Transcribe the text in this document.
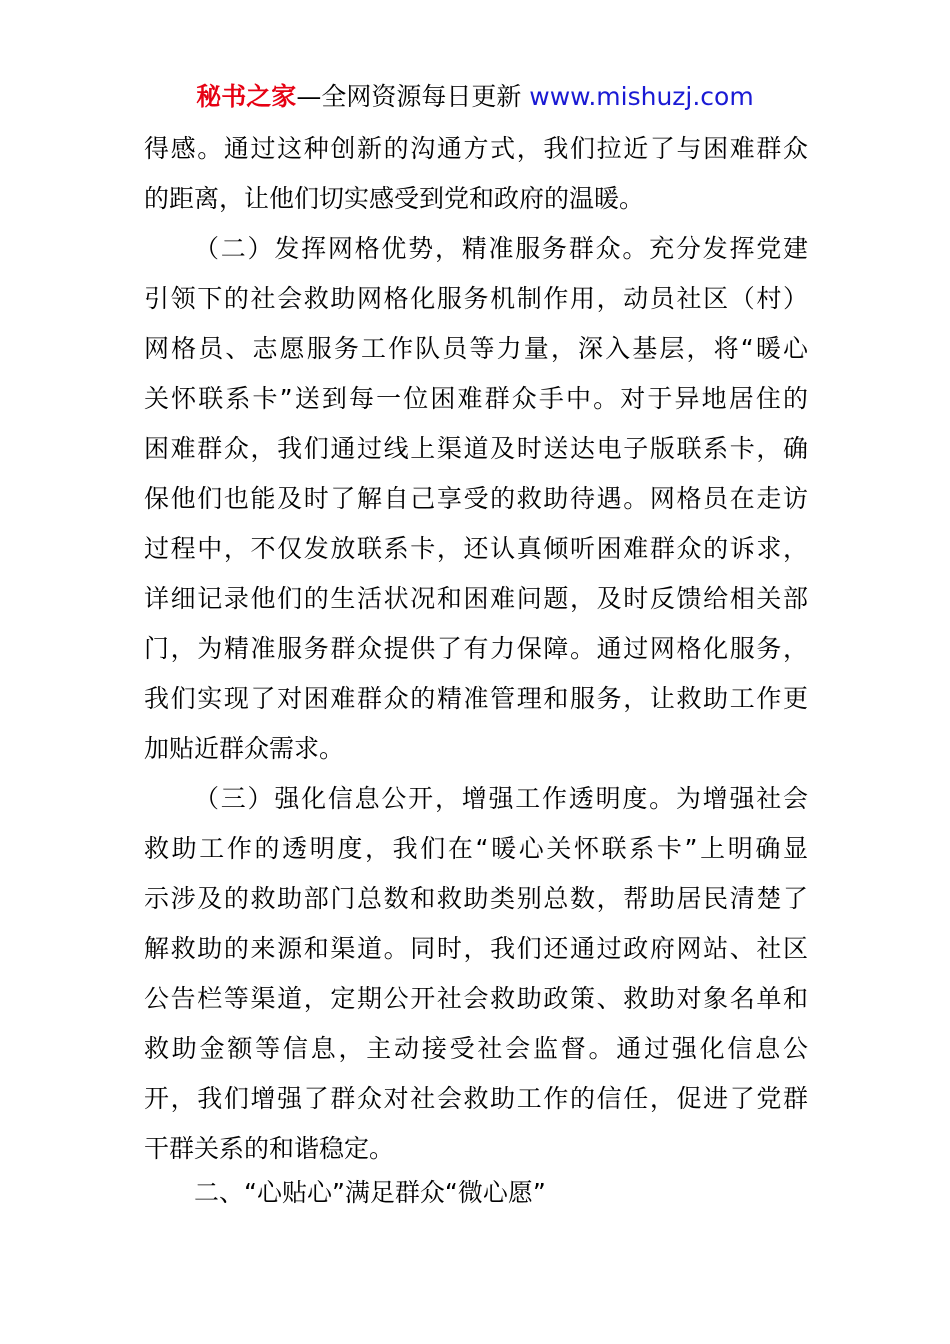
秘书之家—全网资源每日更新 www.mishuzj.com
得感。通过这种创新的沟通方式，我们拉近了与困难群众
的距离，让他们切实感受到党和政府的温暖。
（二）发挥网格优势，精准服务群众。充分发挥党建
引领下的社会救助网格化服务机制作用，动员社区（村）
网格员、志愿服务工作队员等力量，深入基层，将“暖心
关怀联系卡”送到每一位困难群众手中。对于异地居住的
困难群众，我们通过线上渠道及时送达电子版联系卡，确
保他们也能及时了解自己享受的救助待遇。网格员在走访
过程中，不仅发放联系卡，还认真倾听困难群众的诉求，
详细记录他们的生活状况和困难问题，及时反馈给相关部
门，为精准服务群众提供了有力保障。通过网格化服务，
我们实现了对困难群众的精准管理和服务，让救助工作更
加贴近群众需求。
（三）强化信息公开，增强工作透明度。为增强社会
救助工作的透明度，我们在“暖心关怀联系卡”上明确显
示涉及的救助部门总数和救助类别总数，帮助居民清楚了
解救助的来源和渠道。同时，我们还通过政府网站、社区
公告栏等渠道，定期公开社会救助政策、救助对象名单和
救助金额等信息，主动接受社会监督。通过强化信息公
开，我们增强了群众对社会救助工作的信任，促进了党群
干群关系的和谐稳定。
二、“心贴心”满足群众“微心愿”
